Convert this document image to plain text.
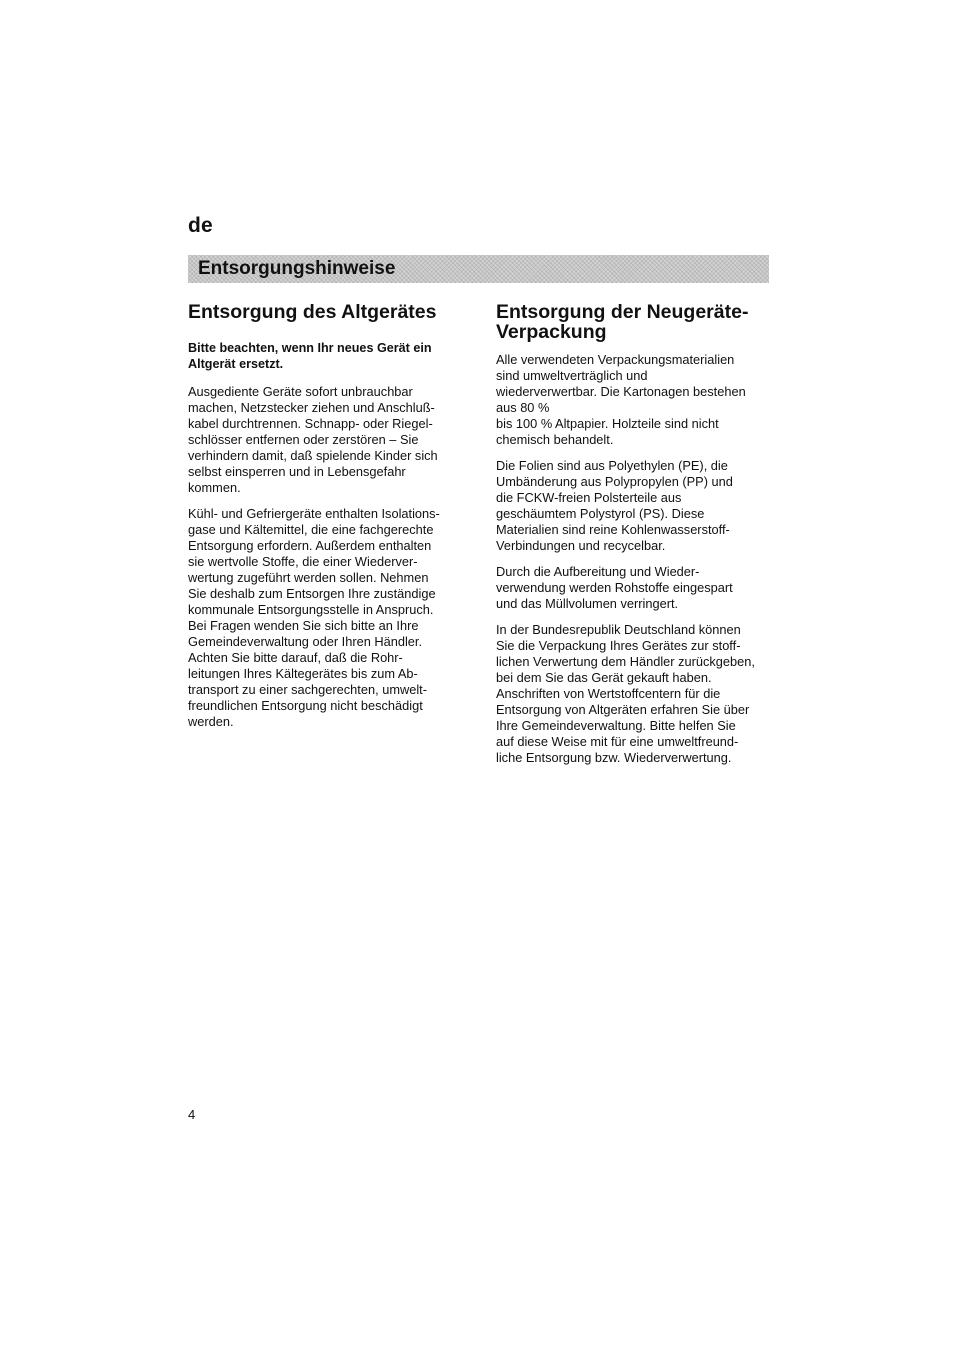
de
Entsorgungshinweise
Entsorgung des Altgerätes

Bitte beachten, wenn Ihr neues Gerät ein
Altgerät ersetzt.

Ausgediente Geräte sofort unbrauchbar
machen, Netzstecker ziehen und Anschluß-
kabel durchtrennen. Schnapp- oder Riegel-
schlösser entfernen oder zerstören – Sie
verhindern damit, daß spielende Kinder sich
selbst einsperren und in Lebensgefahr
kommen.

Kühl- und Gefriergeräte enthalten Isolations-
gase und Kältemittel, die eine fachgerechte
Entsorgung erfordern. Außerdem enthalten
sie wertvolle Stoffe, die einer Wiederver-
wertung zugeführt werden sollen. Nehmen
Sie deshalb zum Entsorgen Ihre zuständige
kommunale Entsorgungsstelle in Anspruch.
Bei Fragen wenden Sie sich bitte an Ihre
Gemeindeverwaltung oder Ihren Händler.
Achten Sie bitte darauf, daß die Rohr-
leitungen Ihres Kältegerätes bis zum Ab-
transport zu einer sachgerechten, umwelt-
freundlichen Entsorgung nicht beschädigt
werden.

Entsorgung der Neugeräte-
Verpackung

Alle verwendeten Verpackungsmaterialien
sind umweltverträglich und
wiederverwertbar. Die Kartonagen bestehen
aus 80 %
bis 100 % Altpapier. Holzteile sind nicht
chemisch behandelt.

Die Folien sind aus Polyethylen (PE), die
Umbänderung aus Polypropylen (PP) und
die FCKW-freien Polsterteile aus
geschäumtem Polystyrol (PS). Diese
Materialien sind reine Kohlenwasserstoff-
Verbindungen und recycelbar.

Durch die Aufbereitung und Wieder-
verwendung werden Rohstoffe eingespart
und das Müllvolumen verringert.

In der Bundesrepublik Deutschland können
Sie die Verpackung Ihres Gerätes zur stoff-
lichen Verwertung dem Händler zurückgeben,
bei dem Sie das Gerät gekauft haben.
Anschriften von Wertstoffcentern für die
Entsorgung von Altgeräten erfahren Sie über
Ihre Gemeindeverwaltung. Bitte helfen Sie
auf diese Weise mit für eine umweltfreund-
liche Entsorgung bzw. Wiederverwertung.

4
